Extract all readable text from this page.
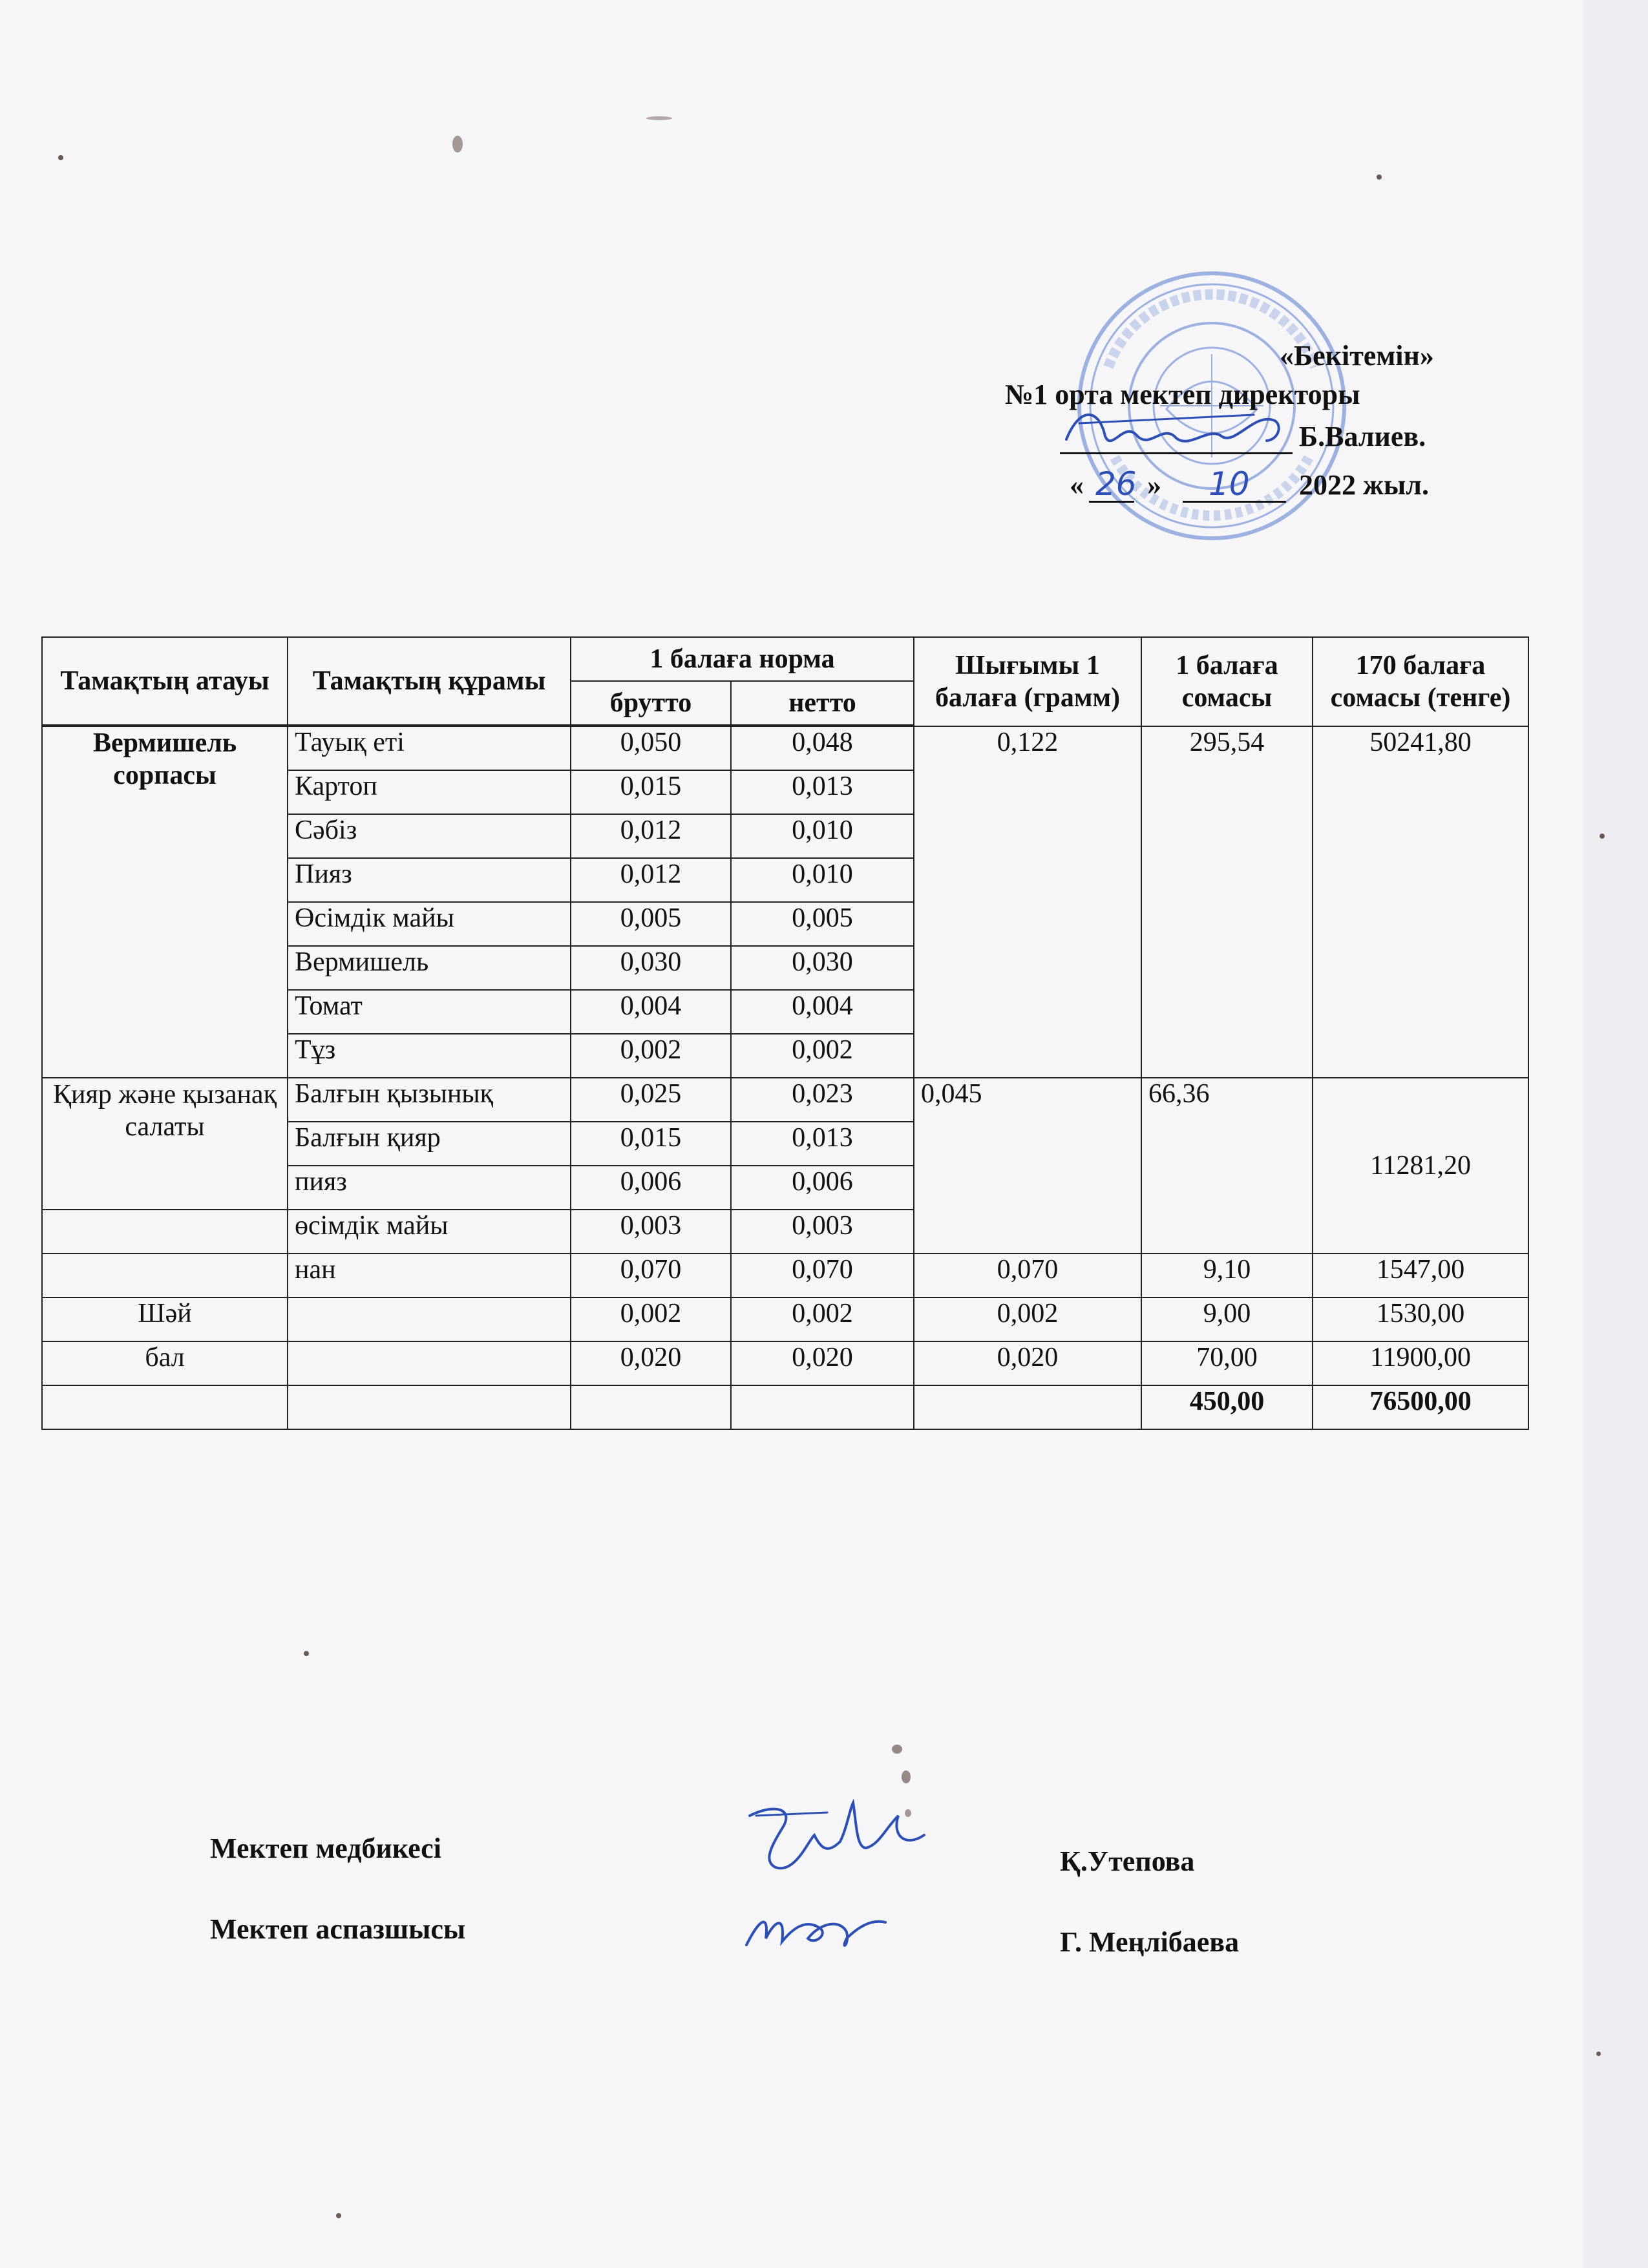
«Бекітемін»
№1 орта мектеп директоры
Б.Валиев.
« 26 » 10 2022 жыл.
Тамақтың атауы	Тамақтың құрамы	1 балаға норма		Шығымы 1 балаға (грамм)	1 балаға сомасы	170 балаға сомасы (тенге)
		брутто	нетто			

Вермишель сорпасы	Тауық еті	0,050	0,048	0,122	295,54	50241,80
	Картоп	0,015	0,013			
	Сәбіз	0,012	0,010			
	Пияз	0,012	0,010			
	Өсімдік майы	0,005	0,005			
	Вермишель	0,030	0,030			
	Томат	0,004	0,004			
	Тұз	0,002	0,002			
Қияр және қызанақ салаты	Балғын қызынық	0,025	0,023	0,045	66,36	11281,20
	Балғын қияр	0,015	0,013			
	пияз	0,006	0,006			
	өсімдік майы	0,003	0,003			
	нан	0,070	0,070	0,070	9,10	1547,00
Шәй		0,002	0,002	0,002	9,00	1530,00
бал		0,020	0,020	0,020	70,00	11900,00
					450,00	76500,00
Мектеп медбикесі	Қ.Утепова
Мектеп аспазшысы	Г. Меңлібаева
